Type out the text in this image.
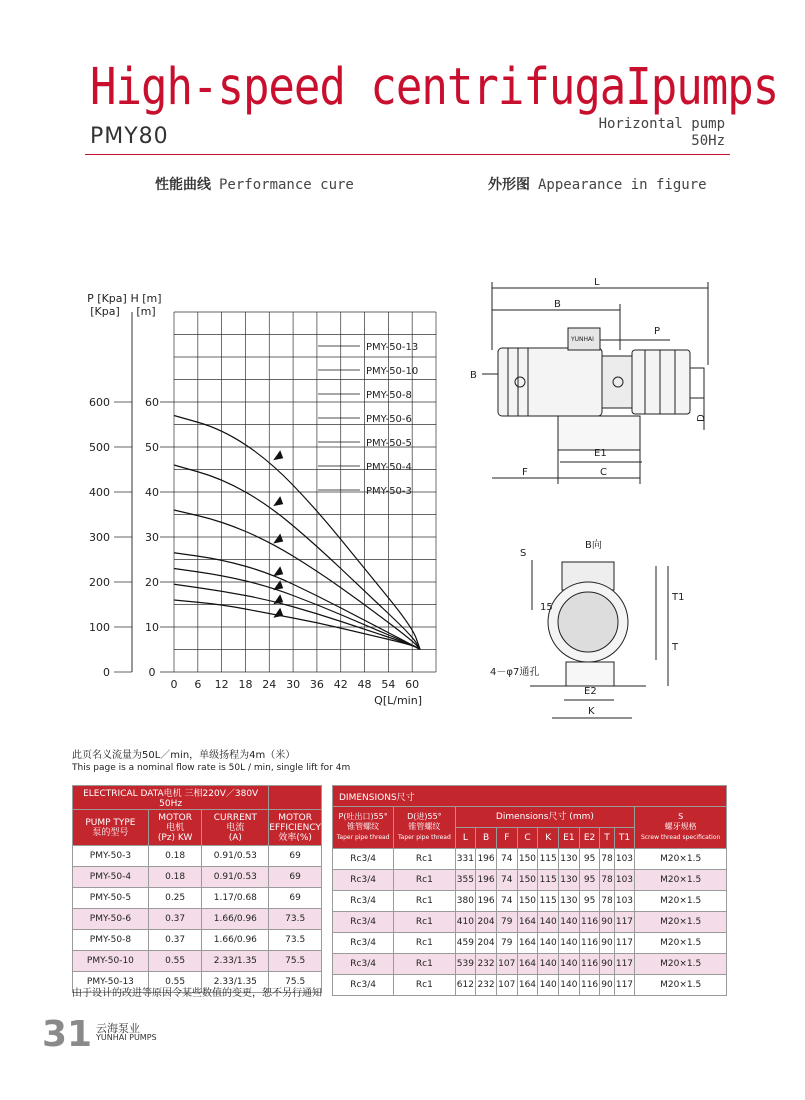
High-speed centrifugaIpumps
PMY80	Horizontal pump
50Hz
性能曲线 Performance cure	外形图 Appearance in figure
0 6 12 18 24 30 36 42 48 54 60
0
10
20
30
40
50
60
0
100
200
300
400
500
600
P [Kpa] H [m]
[Kpa] [m]
Q[L/min]
PMY-50-13
PMY-50-10
PMY-50-8
PMY-50-6
PMY-50-5
PMY-50-4
PMY-50-3
L
B
P
B
D
E1
F	C
B向
S
15
T1
T
4－φ7通孔
E2
K
YUNHAI
此页名义流量为50L／min，单级扬程为4m（米）
This page is a nominal flow rate is 50L / min, single lift for 4m
ELECTRICAL DATA电机 三相220V／380V 50Hz			
PUMP TYPE
泵的型号	MOTOR
电机
(Pz) KW	CURRENT
电流
(A)	MOTOR
EFFICIENCY
效率(%)
PMY-50-3	0.18	0.91/0.53	69
PMY-50-4	0.18	0.91/0.53	69
PMY-50-5	0.25	1.17/0.68	69
PMY-50-6	0.37	1.66/0.96	73.5
PMY-50-8	0.37	1.66/0.96	73.5
PMY-50-10	0.55	2.33/1.35	75.5
PMY-50-13	0.55	2.33/1.35	75.5
DIMENSIONS尺寸											
P(吐出口)55°
锥管螺纹
Taper pipe thread	D(进)55°
锥管螺纹
Taper pipe thread	Dimensions尺寸 (mm)									S
螺牙规格
Screw thread specification
		L	B	F	C	K	E1	E2	T	T1	
Rc3/4	Rc1	331	196	74	150	115	130	95	78	103	M20×1.5
Rc3/4	Rc1	355	196	74	150	115	130	95	78	103	M20×1.5
Rc3/4	Rc1	380	196	74	150	115	130	95	78	103	M20×1.5
Rc3/4	Rc1	410	204	79	164	140	140	116	90	117	M20×1.5
Rc3/4	Rc1	459	204	79	164	140	140	116	90	117	M20×1.5
Rc3/4	Rc1	539	232	107	164	140	140	116	90	117	M20×1.5
Rc3/4	Rc1	612	232	107	164	140	140	116	90	117	M20×1.5
由于设计的改进等原因令某些数值的变更，恕不另行通知
31 云海泵业
YUNHAI PUMPS
